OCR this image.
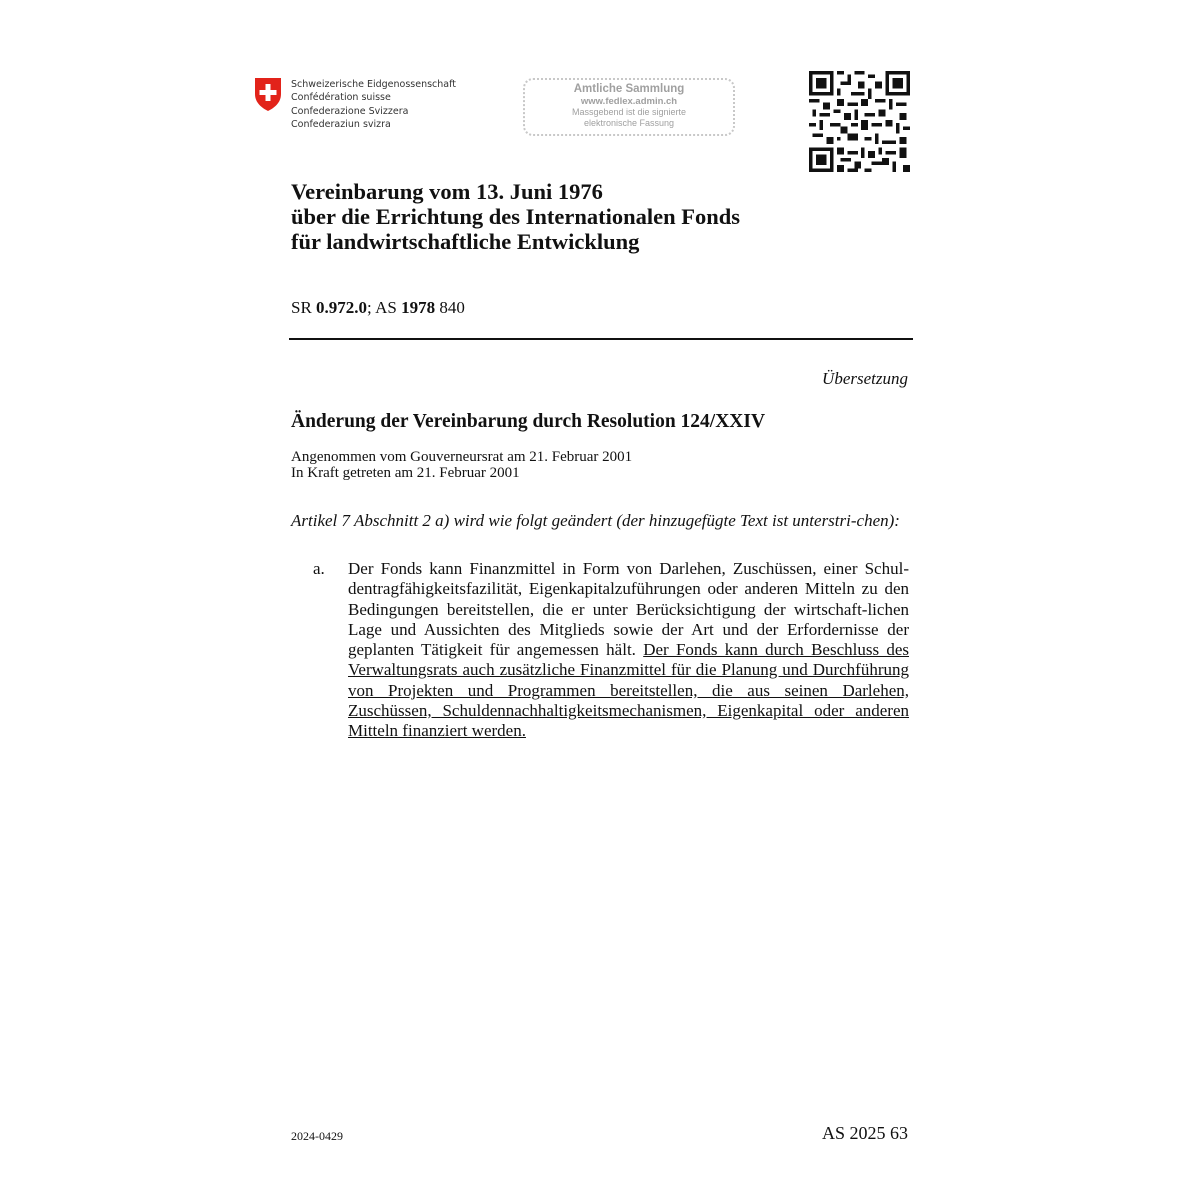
Schweizerische Eidgenossenschaft
Confédération suisse
Confederazione Svizzera
Confederaziun svizra
Amtliche Sammlung
www.fedlex.admin.ch
Massgebend ist die signierte
elektronische Fassung
Vereinbarung vom 13. Juni 1976
über die Errichtung des Internationalen Fonds
für landwirtschaftliche Entwicklung
SR 0.972.0; AS 1978 840
Übersetzung
Änderung der Vereinbarung durch Resolution 124/XXIV
Angenommen vom Gouverneursrat am 21. Februar 2001
In Kraft getreten am 21. Februar 2001
Artikel 7 Abschnitt 2 a) wird wie folgt geändert (der hinzugefügte Text ist unterstri-chen):
a. Der Fonds kann Finanzmittel in Form von Darlehen, Zuschüssen, einer Schul-dentragfähigkeitsfazilität, Eigenkapitalzuführungen oder anderen Mitteln zu den Bedingungen bereitstellen, die er unter Berücksichtigung der wirtschaft-lichen Lage und Aussichten des Mitglieds sowie der Art und der Erfordernisse der geplanten Tätigkeit für angemessen hält. Der Fonds kann durch Beschluss des Verwaltungsrats auch zusätzliche Finanzmittel für die Planung und Durchführung von Projekten und Programmen bereitstellen, die aus seinen Darlehen, Zuschüssen, Schuldennachhaltigkeitsmechanismen, Eigenkapital oder anderen Mitteln finanziert werden.
2024-0429	AS 2025 63
